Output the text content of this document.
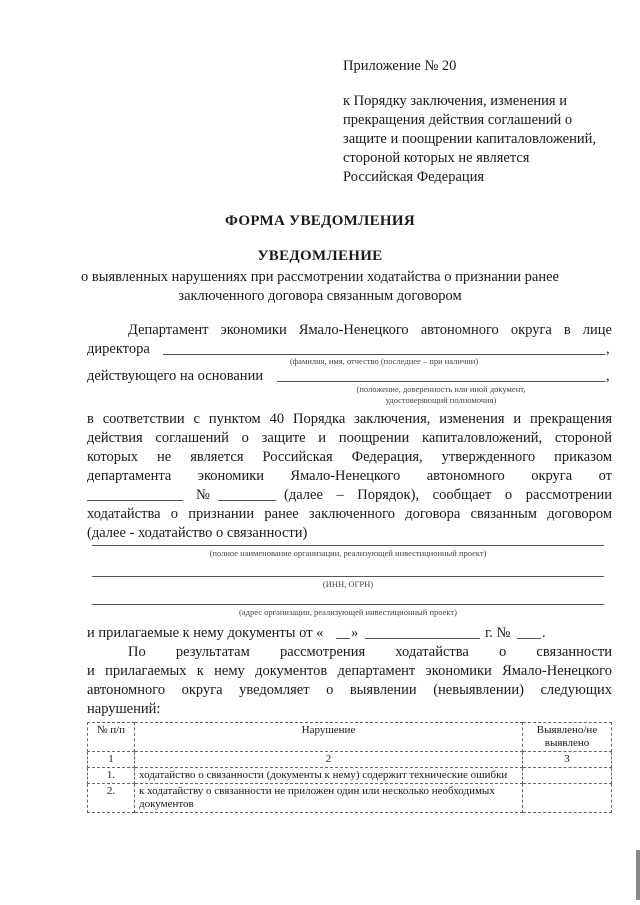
Приложение № 20
к Порядку заключения, изменения и
прекращения действия соглашений о
защите и поощрении капиталовложений,
стороной которых не является
Российская Федерация
ФОРМА УВЕДОМЛЕНИЯ
УВЕДОМЛЕНИЕ
о выявленных нарушениях при рассмотрении ходатайства о признании ранее
заключенного договора связанным договором
Департамент экономики Ямало-Ненецкого автономного округа в лице
директора	,
(фамилия, имя, отчество (последнее – при наличии)
действующего на основании	,
(положение, доверенность или иной документ,
удостоверяющий полномочия)
в соответствии с пунктом 40 Порядка заключения, изменения и прекращения
действия соглашений о защите и поощрении капиталовложений, стороной
которых не является Российская Федерация, утвержденного приказом
департамента экономики Ямало-Ненецкого автономного округа от
№	(далее – Порядок), сообщает о рассмотрении
ходатайства о признании ранее заключенного договора связанным договором
(далее - ходатайство о связанности)
(полное наименование организации, реализующей инвестиционный проект)
(ИНН, ОГРН)
(адрес организации, реализующей инвестиционный проект)
и прилагаемые к нему документы от « »	г. № .
По результатам рассмотрения ходатайства о связанности
и прилагаемых к нему документов департамент экономики Ямало-Ненецкого
автономного округа уведомляет о выявлении (невыявлении) следующих
нарушений:
№ п/п	Нарушение	Выявлено/не выявлено
1	2	3
1.	ходатайство о связанности (документы к нему) содержит технические ошибки	
2.	к ходатайству о связанности не приложен один или несколько необходимых документов	
